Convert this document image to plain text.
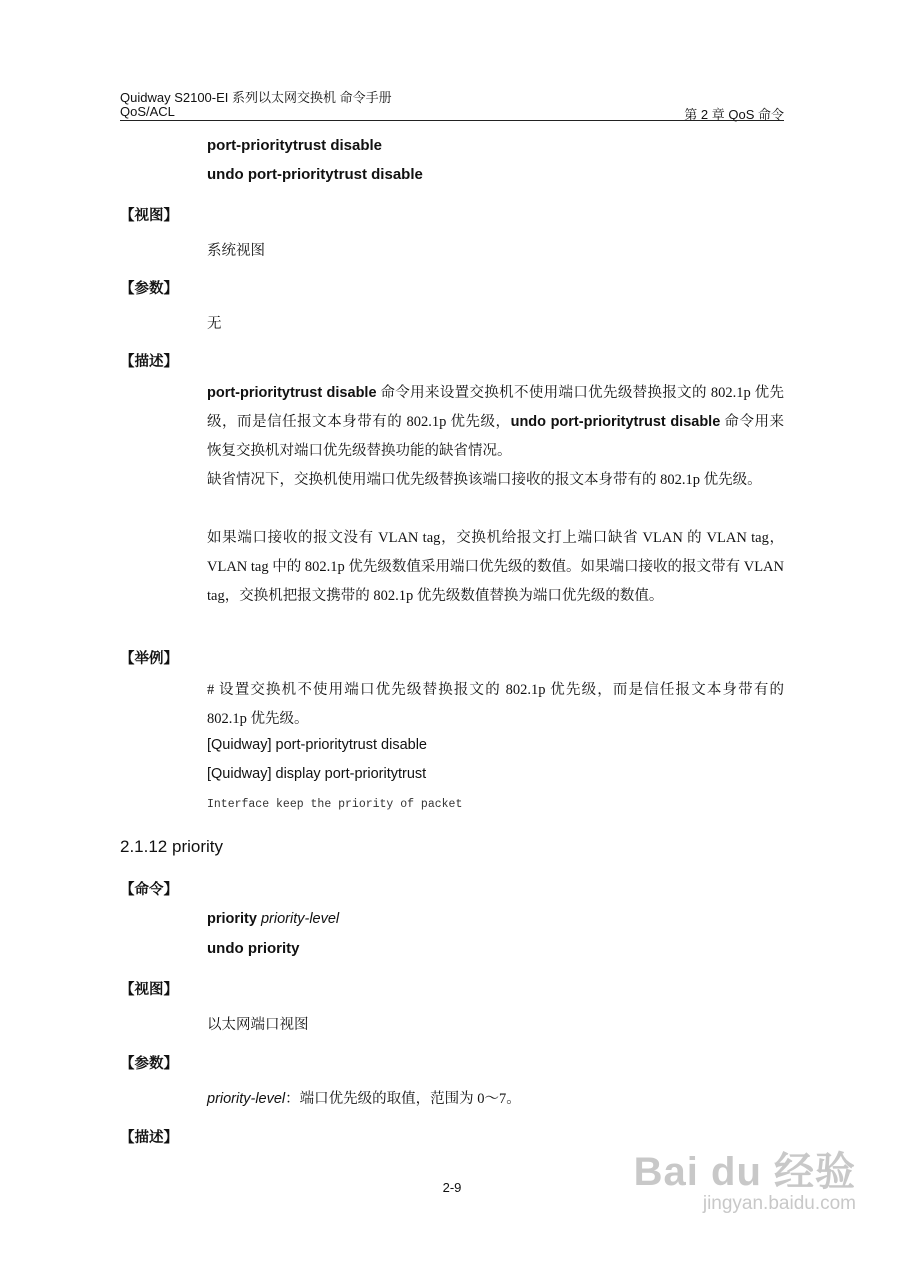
Quidway S2100-EI 系列以太网交换机 命令手册
QoS/ACL	第 2 章 QoS 命令
port-prioritytrust disable
undo port-prioritytrust disable
【视图】
系统视图
【参数】
无
【描述】
port-prioritytrust disable 命令用来设置交换机不使用端口优先级替换报文的 802.1p 优先级，而是信任报文本身带有的 802.1p 优先级，undo port-prioritytrust disable 命令用来恢复交换机对端口优先级替换功能的缺省情况。
缺省情况下，交换机使用端口优先级替换该端口接收的报文本身带有的 802.1p 优先级。
如果端口接收的报文没有 VLAN tag，交换机给报文打上端口缺省 VLAN 的 VLAN tag，VLAN tag 中的 802.1p 优先级数值采用端口优先级的数值。如果端口接收的报文带有 VLAN tag，交换机把报文携带的 802.1p 优先级数值替换为端口优先级的数值。
【举例】
# 设置交换机不使用端口优先级替换报文的 802.1p 优先级，而是信任报文本身带有的 802.1p 优先级。
[Quidway] port-prioritytrust disable
[Quidway] display port-prioritytrust
Interface keep the priority of packet
2.1.12 priority
【命令】
priority priority-level
undo priority
【视图】
以太网端口视图
【参数】
priority-level：端口优先级的取值，范围为 0～7。
【描述】
2-9	Bai du 经验
jingyan.baidu.com
